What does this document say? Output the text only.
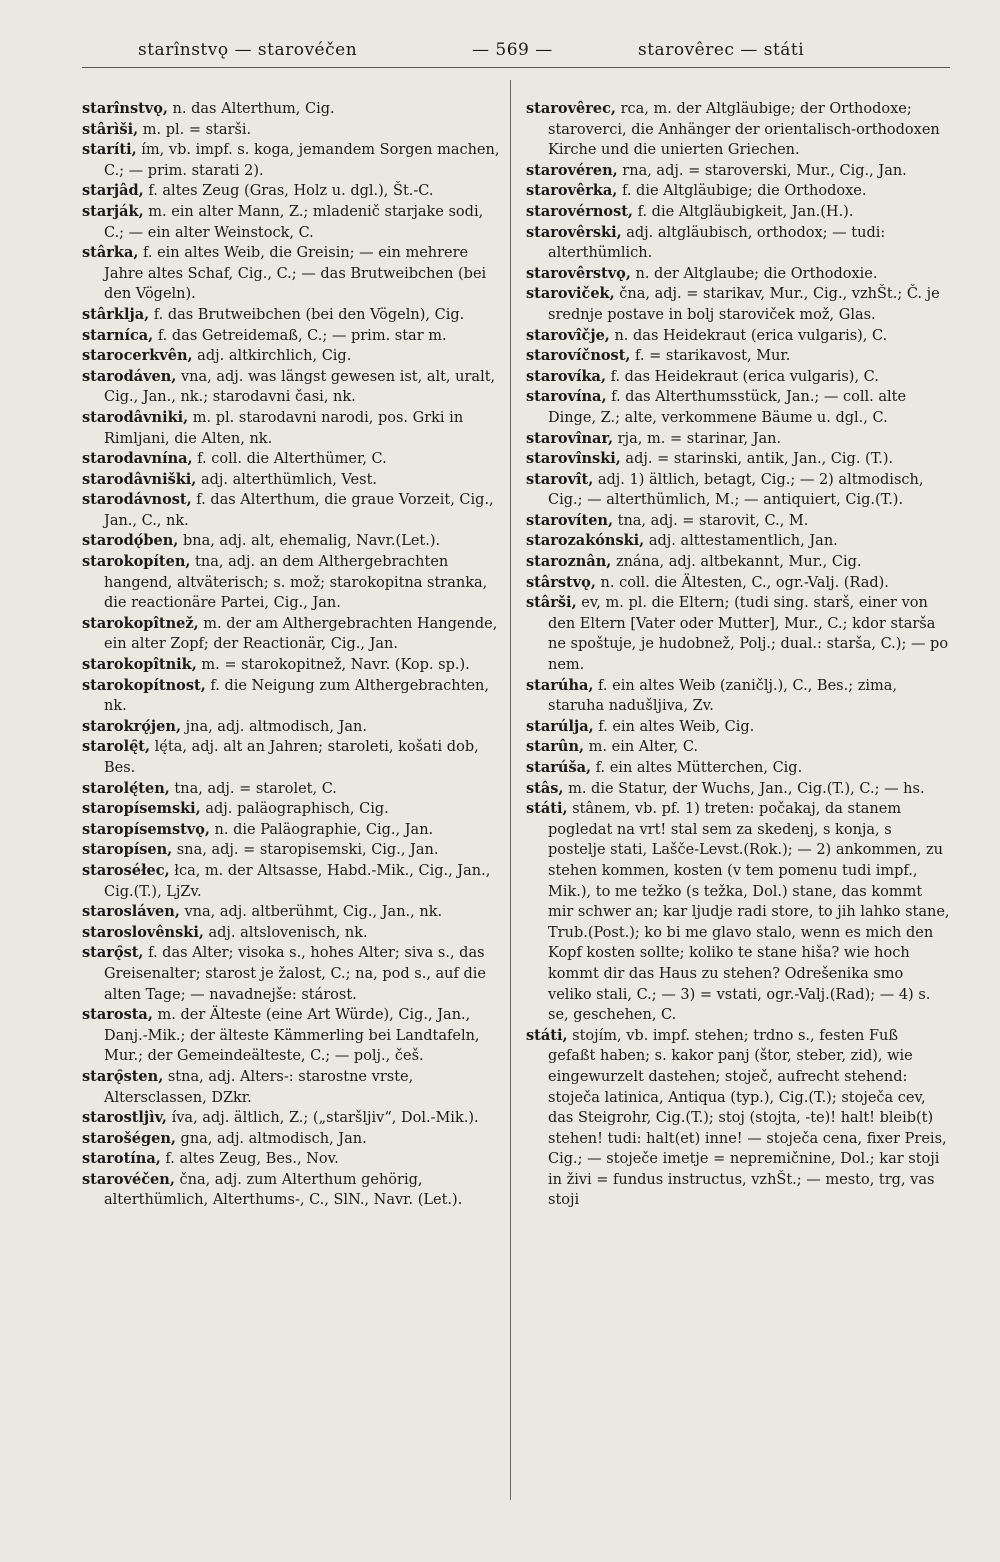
starînstvǫ — starovéčen	— 569 —	starovêrec — státi

starînstvǫ, n. das Alterthum, Cig.

stârìši, m. pl. = starši.

staríti, ím, vb. impf. s. koga, jemandem Sorgen machen, C.; — prim. starati 2).

starjâd, f. altes Zeug (Gras, Holz u. dgl.), Št.-C.

starják, m. ein alter Mann, Z.; mladenič starjake sodi, C.; — ein alter Weinstock, C.

stârka, f. ein altes Weib, die Greisin; — ein mehrere Jahre altes Schaf, Cig., C.; — das Brutweibchen (bei den Vögeln).

stârklja, f. das Brutweibchen (bei den Vögeln), Cig.

starníca, f. das Getreidemaß, C.; — prim. star m.

starocerkvên, adj. altkirchlich, Cig.

starodáven, vna, adj. was längst gewesen ist, alt, uralt, Cig., Jan., nk.; starodavni časi, nk.

starodâvniki, m. pl. starodavni narodi, pos. Grki in Rimljani, die Alten, nk.

starodavnína, f. coll. die Alterthümer, C.

starodâvniški, adj. alterthümlich, Vest.

starodávnost, f. das Alterthum, die graue Vorzeit, Cig., Jan., C., nk.

starodǫ́ben, bna, adj. alt, ehemalig, Navr.(Let.).

starokopíten, tna, adj. an dem Althergebrachten hangend, altväterisch; s. mož; starokopitna stranka, die reactionäre Partei, Cig., Jan.

starokopîtnež, m. der am Althergebrachten Hangende, ein alter Zopf; der Reactionär, Cig., Jan.

starokopîtnik, m. = starokopitnež, Navr. (Kop. sp.).

starokopítnost, f. die Neigung zum Althergebrachten, nk.

starokrǫ́jen, jna, adj. altmodisch, Jan.

starolę̑t, lę́ta, adj. alt an Jahren; staroleti, košati dob, Bes.

starolę́ten, tna, adj. = starolet, C.

staropísemski, adj. paläographisch, Cig.

staropísemstvǫ, n. die Paläographie, Cig., Jan.

staropísen, sna, adj. = staropisemski, Cig., Jan.

staroséłec, łca, m. der Altsasse, Habd.-Mik., Cig., Jan., Cig.(T.), LjZv.

starosláven, vna, adj. altberühmt, Cig., Jan., nk.

staroslovênski, adj. altslovenisch, nk.

starǫ̑st, f. das Alter; visoka s., hohes Alter; siva s., das Greisenalter; starost je žalost, C.; na, pod s., auf die alten Tage; — navadnejše: stárost.

starosta, m. der Älteste (eine Art Würde), Cig., Jan., Danj.-Mik.; der älteste Kämmerling bei Landtafeln, Mur.; der Gemeindeälteste, C.; — polj., češ.

starǫ̑sten, stna, adj. Alters-: starostne vrste, Altersclassen, DZkr.

starostljìv, íva, adj. ältlich, Z.; („staršljiv“, Dol.-Mik.).

starošégen, gna, adj. altmodisch, Jan.

starotína, f. altes Zeug, Bes., Nov.

starovéčen, čna, adj. zum Alterthum gehörig, alterthümlich, Alterthums-, C., SlN., Navr. (Let.).

starovêrec, rca, m. der Altgläubige; der Orthodoxe; staroverci, die Anhänger der orientalisch-orthodoxen Kirche und die unierten Griechen.

starovéren, rna, adj. = staroverski, Mur., Cig., Jan.

starovêrka, f. die Altgläubige; die Orthodoxe.

starovérnost, f. die Altgläubigkeit, Jan.(H.).

starovêrski, adj. altgläubisch, orthodox; — tudi: alterthümlich.

starovêrstvǫ, n. der Altglaube; die Orthodoxie.

staroviček, čna, adj. = starikav, Mur., Cig., vzhŠt.; Č. je srednje postave in bolj staroviček mož, Glas.

starovîčje, n. das Heidekraut (erica vulgaris), C.

starovíčnost, f. = starikavost, Mur.

starovíka, f. das Heidekraut (erica vulgaris), C.

starovína, f. das Alterthumsstück, Jan.; — coll. alte Dinge, Z.; alte, verkommene Bäume u. dgl., C.

starovînar, rja, m. = starinar, Jan.

starovînski, adj. = starinski, antik, Jan., Cig. (T.).

starovît, adj. 1) ältlich, betagt, Cig.; — 2) altmodisch, Cig.; — alterthümlich, M.; — antiquiert, Cig.(T.).

starovíten, tna, adj. = starovit, C., M.

starozakónski, adj. alttestamentlich, Jan.

staroznân, znána, adj. altbekannt, Mur., Cig.

stârstvǫ, n. coll. die Ältesten, C., ogr.-Valj. (Rad).

stârši, ev, m. pl. die Eltern; (tudi sing. starš, einer von den Eltern [Vater oder Mutter], Mur., C.; kdor starša ne spoštuje, je hudobnež, Polj.; dual.: starša, C.); — po nem.

starúha, f. ein altes Weib (zaničlj.), C., Bes.; zima, staruha nadušljiva, Zv.

starúlja, f. ein altes Weib, Cig.

starûn, m. ein Alter, C.

starúša, f. ein altes Mütterchen, Cig.

stâs, m. die Statur, der Wuchs, Jan., Cig.(T.), C.; — hs.

státi, stânem, vb. pf. 1) treten: počakaj, da stanem pogledat na vrt! stal sem za skedenj, s konja, s postelje stati, Lašče-Levst.(Rok.); — 2) ankommen, zu stehen kommen, kosten (v tem pomenu tudi impf., Mik.), to me težko (s težka, Dol.) stane, das kommt mir schwer an; kar ljudje radi store, to jih lahko stane, Trub.(Post.); ko bi me glavo stalo, wenn es mich den Kopf kosten sollte; koliko te stane hiša? wie hoch kommt dir das Haus zu stehen? Odrešenika smo veliko stali, C.; — 3) = vstati, ogr.-Valj.(Rad); — 4) s. se, geschehen, C.

státi, stojím, vb. impf. stehen; trdno s., festen Fuß gefaßt haben; s. kakor panj (štor, steber, zid), wie eingewurzelt dastehen; stoječ, aufrecht stehend: stoječa latinica, Antiqua (typ.), Cig.(T.); stoječa cev, das Steigrohr, Cig.(T.); stoj (stojta, -te)! halt! bleib(t) stehen! tudi: halt(et) inne! — stoječa cena, fixer Preis, Cig.; — stoječe imetje = nepremičnine, Dol.; kar stoji in živi = fundus instructus, vzhŠt.; — mesto, trg, vas stoji
